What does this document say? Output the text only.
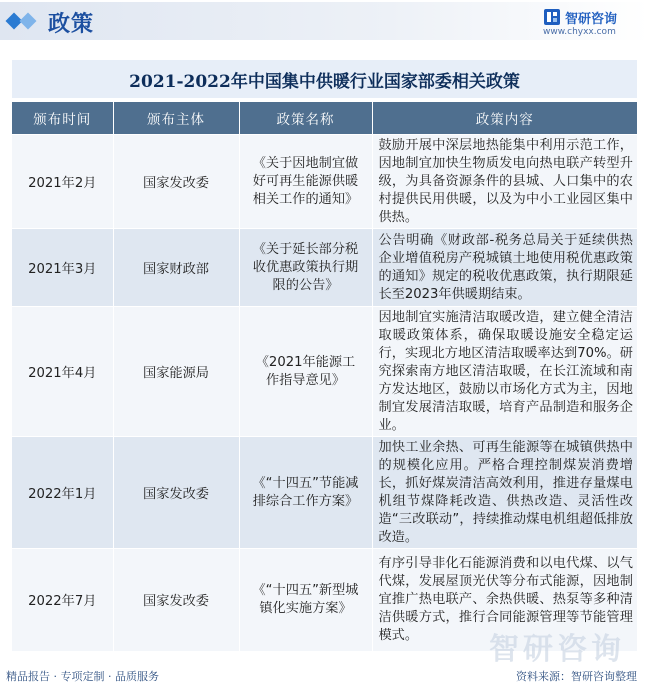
政策	智研咨询
www.chyxx.com
2021-2022年中国集中供暖行业国家部委相关政策
颁布时间	颁布主体	政策名称	政策内容
2021年2月	国家发改委	《关于因地制宜做好可再生能源供暖相关工作的通知》	鼓励开展中深层地热能集中利用示范工作，因地制宜加快生物质发电向热电联产转型升级，为具备资源条件的县城、人口集中的农村提供民用供暖，以及为中小工业园区集中供热。
2021年3月	国家财政部	《关于延长部分税收优惠政策执行期限的公告》	公告明确《财政部-税务总局关于延续供热企业增值税房产税城镇土地使用税优惠政策的通知》规定的税收优惠政策，执行期限延长至2023年供暖期结束。
2021年4月	国家能源局	《2021年能源工作指导意见》	因地制宜实施清洁取暖改造，建立健全清洁取暖政策体系，确保取暖设施安全稳定运行，实现北方地区清洁取暖率达到70%。研究探索南方地区清洁取暖，在长江流域和南方发达地区，鼓励以市场化方式为主，因地制宜发展清洁取暖，培育产品制造和服务企业。
2022年1月	国家发改委	《“十四五”节能减排综合工作方案》	加快工业余热、可再生能源等在城镇供热中的规模化应用。严格合理控制煤炭消费增长，抓好煤炭清洁高效利用，推进存量煤电机组节煤降耗改造、供热改造、灵活性改造“三改联动”，持续推动煤电机组超低排放改造。
2022年7月	国家发改委	《“十四五”新型城镇化实施方案》	有序引导非化石能源消费和以电代煤、以气代煤，发展屋顶光伏等分布式能源，因地制宜推广热电联产、余热供暖、热泵等多种清洁供暖方式，推行合同能源管理等节能管理模式。 智研咨询
精品报告 · 专项定制 · 品质服务	资料来源：智研咨询整理
